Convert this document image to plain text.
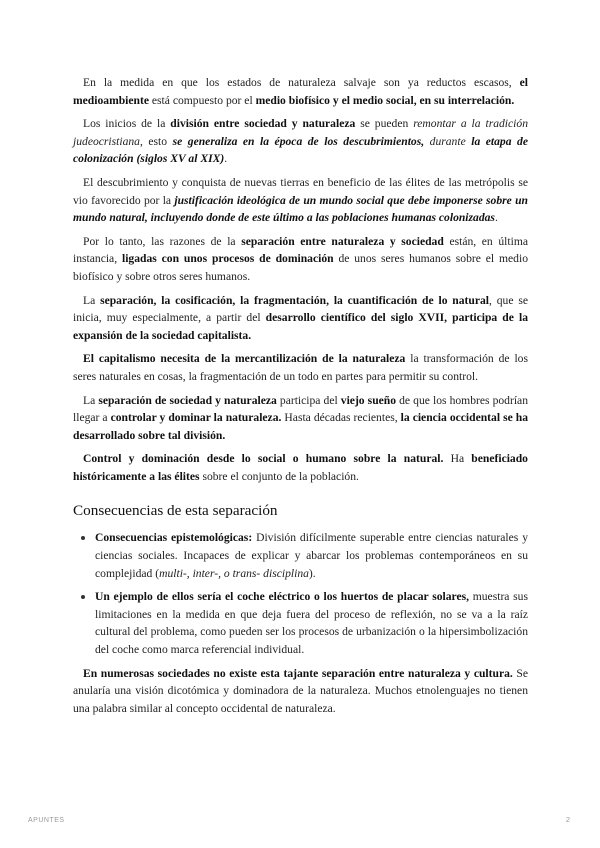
En la medida en que los estados de naturaleza salvaje son ya reductos escasos, el medioambiente está compuesto por el medio biofísico y el medio social, en su interrelación.

Los inicios de la división entre sociedad y naturaleza se pueden remontar a la tradición judeocristiana, esto se generaliza en la época de los descubrimientos, durante la etapa de colonización (siglos XV al XIX).

El descubrimiento y conquista de nuevas tierras en beneficio de las élites de las metrópolis se vio favorecido por la justificación ideológica de un mundo social que debe imponerse sobre un mundo natural, incluyendo donde de este último a las poblaciones humanas colonizadas.

Por lo tanto, las razones de la separación entre naturaleza y sociedad están, en última instancia, ligadas con unos procesos de dominación de unos seres humanos sobre el medio biofísico y sobre otros seres humanos.

La separación, la cosificación, la fragmentación, la cuantificación de lo natural, que se inicia, muy especialmente, a partir del desarrollo científico del siglo XVII, participa de la expansión de la sociedad capitalista.

El capitalismo necesita de la mercantilización de la naturaleza la transformación de los seres naturales en cosas, la fragmentación de un todo en partes para permitir su control.

La separación de sociedad y naturaleza participa del viejo sueño de que los hombres podrían llegar a controlar y dominar la naturaleza. Hasta décadas recientes, la ciencia occidental se ha desarrollado sobre tal división.

Control y dominación desde lo social o humano sobre la natural. Ha beneficiado históricamente a las élites sobre el conjunto de la población.

Consecuencias de esta separación
Consecuencias epistemológicas: División difícilmente superable entre ciencias naturales y ciencias sociales. Incapaces de explicar y abarcar los problemas contemporáneos en su complejidad (multi-, inter-, o trans- disciplina).
Un ejemplo de ellos sería el coche eléctrico o los huertos de placar solares, muestra sus limitaciones en la medida en que deja fuera del proceso de reflexión, no se va a la raíz cultural del problema, como pueden ser los procesos de urbanización o la hipersimbolización del coche como marca referencial individual.

En numerosas sociedades no existe esta tajante separación entre naturaleza y cultura. Se anularía una visión dicotómica y dominadora de la naturaleza. Muchos etnolenguajes no tienen una palabra similar al concepto occidental de naturaleza.

APUNTES	2
